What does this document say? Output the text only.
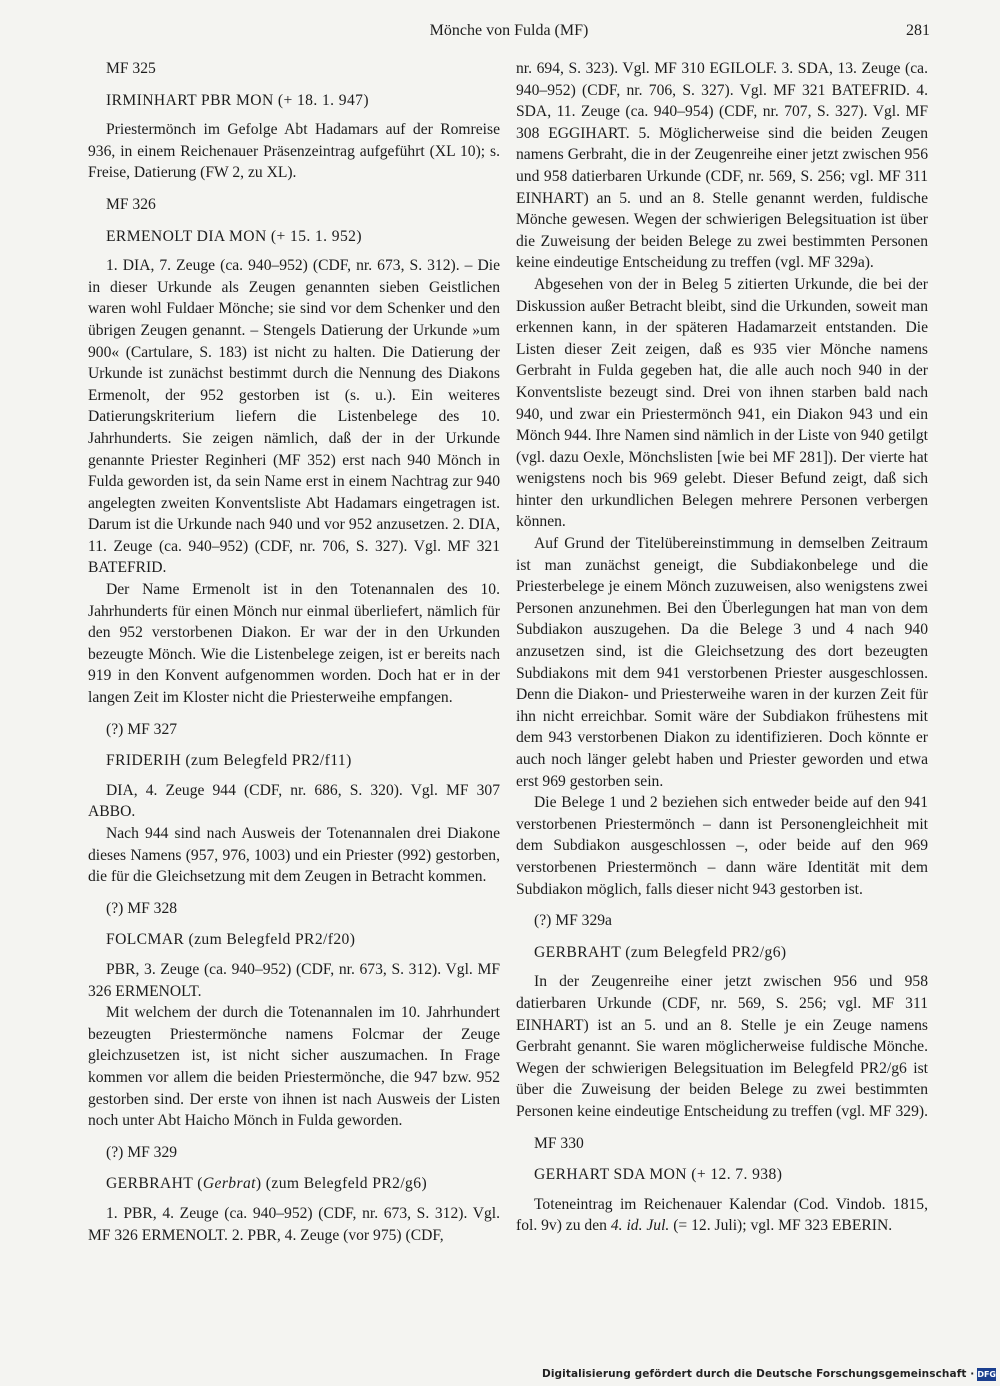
Mönche von Fulda (MF)	281

MF 325

IRMINHART PBR MON (+ 18. 1. 947)

Priestermönch im Gefolge Abt Hadamars auf der Romreise 936, in einem Reichenauer Präsenzeintrag aufgeführt (XL 10); s. Freise, Datierung (FW 2, zu XL).

MF 326

ERMENOLT DIA MON (+ 15. 1. 952)

1. DIA, 7. Zeuge (ca. 940–952) (CDF, nr. 673, S. 312). – Die in dieser Urkunde als Zeugen genannten sieben Geistlichen waren wohl Fuldaer Mönche; sie sind vor dem Schenker und den übrigen Zeugen genannt. – Stengels Datierung der Urkunde »um 900« (Cartulare, S. 183) ist nicht zu halten. Die Datierung der Urkunde ist zunächst bestimmt durch die Nennung des Diakons Ermenolt, der 952 gestorben ist (s. u.). Ein weiteres Datierungskriterium liefern die Listenbelege des 10. Jahrhunderts. Sie zeigen nämlich, daß der in der Urkunde genannte Priester Reginheri (MF 352) erst nach 940 Mönch in Fulda geworden ist, da sein Name erst in einem Nachtrag zur 940 angelegten zweiten Konventsliste Abt Hadamars eingetragen ist. Darum ist die Urkunde nach 940 und vor 952 anzusetzen. 2. DIA, 11. Zeuge (ca. 940–952) (CDF, nr. 706, S. 327). Vgl. MF 321 BATEFRID.

Der Name Ermenolt ist in den Totenannalen des 10. Jahrhunderts für einen Mönch nur einmal überliefert, nämlich für den 952 verstorbenen Diakon. Er war der in den Urkunden bezeugte Mönch. Wie die Listenbelege zeigen, ist er bereits nach 919 in den Konvent aufgenommen worden. Doch hat er in der langen Zeit im Kloster nicht die Priesterweihe empfangen.

(?) MF 327

FRIDERIH (zum Belegfeld PR2/f11)

DIA, 4. Zeuge 944 (CDF, nr. 686, S. 320). Vgl. MF 307 ABBO.

Nach 944 sind nach Ausweis der Totenannalen drei Diakone dieses Namens (957, 976, 1003) und ein Priester (992) gestorben, die für die Gleichsetzung mit dem Zeugen in Betracht kommen.

(?) MF 328

FOLCMAR (zum Belegfeld PR2/f20)

PBR, 3. Zeuge (ca. 940–952) (CDF, nr. 673, S. 312). Vgl. MF 326 ERMENOLT.

Mit welchem der durch die Totenannalen im 10. Jahrhundert bezeugten Priestermönche namens Folcmar der Zeuge gleichzusetzen ist, ist nicht sicher auszumachen. In Frage kommen vor allem die beiden Priestermönche, die 947 bzw. 952 gestorben sind. Der erste von ihnen ist nach Ausweis der Listen noch unter Abt Haicho Mönch in Fulda geworden.

(?) MF 329

GERBRAHT (Gerbrat) (zum Belegfeld PR2/g6)

1. PBR, 4. Zeuge (ca. 940–952) (CDF, nr. 673, S. 312). Vgl. MF 326 ERMENOLT. 2. PBR, 4. Zeuge (vor 975) (CDF,

nr. 694, S. 323). Vgl. MF 310 EGILOLF. 3. SDA, 13. Zeuge (ca. 940–952) (CDF, nr. 706, S. 327). Vgl. MF 321 BATEFRID. 4. SDA, 11. Zeuge (ca. 940–954) (CDF, nr. 707, S. 327). Vgl. MF 308 EGGIHART. 5. Möglicherweise sind die beiden Zeugen namens Gerbraht, die in der Zeugenreihe einer jetzt zwischen 956 und 958 datierbaren Urkunde (CDF, nr. 569, S. 256; vgl. MF 311 EINHART) an 5. und an 8. Stelle genannt werden, fuldische Mönche gewesen. Wegen der schwierigen Belegsituation ist über die Zuweisung der beiden Belege zu zwei bestimmten Personen keine eindeutige Entscheidung zu treffen (vgl. MF 329a).

Abgesehen von der in Beleg 5 zitierten Urkunde, die bei der Diskussion außer Betracht bleibt, sind die Urkunden, soweit man erkennen kann, in der späteren Hadamarzeit entstanden. Die Listen dieser Zeit zeigen, daß es 935 vier Mönche namens Gerbraht in Fulda gegeben hat, die alle auch noch 940 in der Konventsliste bezeugt sind. Drei von ihnen starben bald nach 940, und zwar ein Priestermönch 941, ein Diakon 943 und ein Mönch 944. Ihre Namen sind nämlich in der Liste von 940 getilgt (vgl. dazu Oexle, Mönchslisten [wie bei MF 281]). Der vierte hat wenigstens noch bis 969 gelebt. Dieser Befund zeigt, daß sich hinter den urkundlichen Belegen mehrere Personen verbergen können.

Auf Grund der Titelübereinstimmung in demselben Zeitraum ist man zunächst geneigt, die Subdiakonbelege und die Priesterbelege je einem Mönch zuzuweisen, also wenigstens zwei Personen anzunehmen. Bei den Überlegungen hat man von dem Subdiakon auszugehen. Da die Belege 3 und 4 nach 940 anzusetzen sind, ist die Gleichsetzung des dort bezeugten Subdiakons mit dem 941 verstorbenen Priester ausgeschlossen. Denn die Diakon- und Priesterweihe waren in der kurzen Zeit für ihn nicht erreichbar. Somit wäre der Subdiakon frühestens mit dem 943 verstorbenen Diakon zu identifizieren. Doch könnte er auch noch länger gelebt haben und Priester geworden und etwa erst 969 gestorben sein.

Die Belege 1 und 2 beziehen sich entweder beide auf den 941 verstorbenen Priestermönch – dann ist Personengleichheit mit dem Subdiakon ausgeschlossen –, oder beide auf den 969 verstorbenen Priestermönch – dann wäre Identität mit dem Subdiakon möglich, falls dieser nicht 943 gestorben ist.

(?) MF 329a

GERBRAHT (zum Belegfeld PR2/g6)

In der Zeugenreihe einer jetzt zwischen 956 und 958 datierbaren Urkunde (CDF, nr. 569, S. 256; vgl. MF 311 EINHART) ist an 5. und an 8. Stelle je ein Zeuge namens Gerbraht genannt. Sie waren möglicherweise fuldische Mönche. Wegen der schwierigen Belegsituation im Belegfeld PR2/g6 ist über die Zuweisung der beiden Belege zu zwei bestimmten Personen keine eindeutige Entscheidung zu treffen (vgl. MF 329).

MF 330

GERHART SDA MON (+ 12. 7. 938)

Toteneintrag im Reichenauer Kalendar (Cod. Vindob. 1815, fol. 9v) zu den 4. id. Jul. (= 12. Juli); vgl. MF 323 EBERIN.

Digitalisierung gefördert durch die Deutsche Forschungsgemeinschaft · DFG
